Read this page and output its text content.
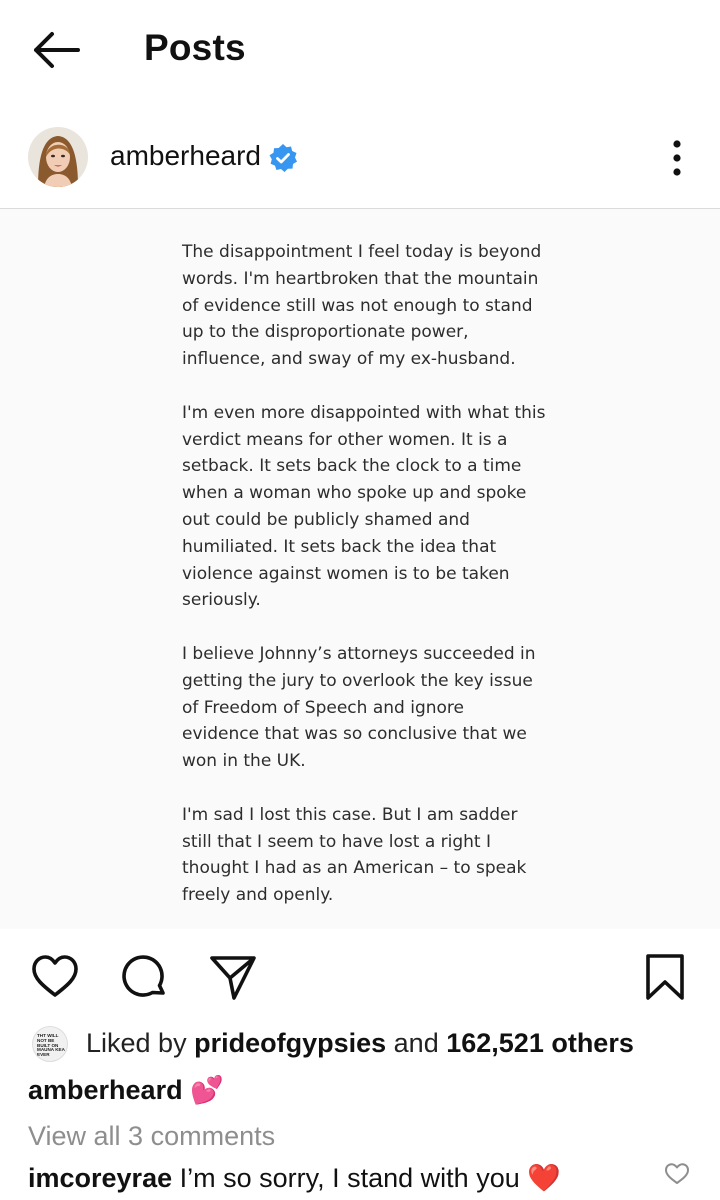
Posts
amberheard

The disappointment I feel today is beyond
words. I'm heartbroken that the mountain
of evidence still was not enough to stand
up to the disproportionate power,
influence, and sway of my ex-husband.

I'm even more disappointed with what this
verdict means for other women. It is a
setback. It sets back the clock to a time
when a woman who spoke up and spoke
out could be publicly shamed and
humiliated. It sets back the idea that
violence against women is to be taken
seriously.

I believe Johnny’s attorneys succeeded in
getting the jury to overlook the key issue
of Freedom of Speech and ignore
evidence that was so conclusive that we
won in the UK.

I'm sad I lost this case. But I am sadder
still that I seem to have lost a right I
thought I had as an American – to speak
freely and openly.

THT WILL NOT BE BUILT ON MAUNA KEA EVER	Liked by prideofgypsies and 162,521 others
amberheard 💕
View all 3 comments
imcoreyrae I’m so sorry, I stand with you ❤️
